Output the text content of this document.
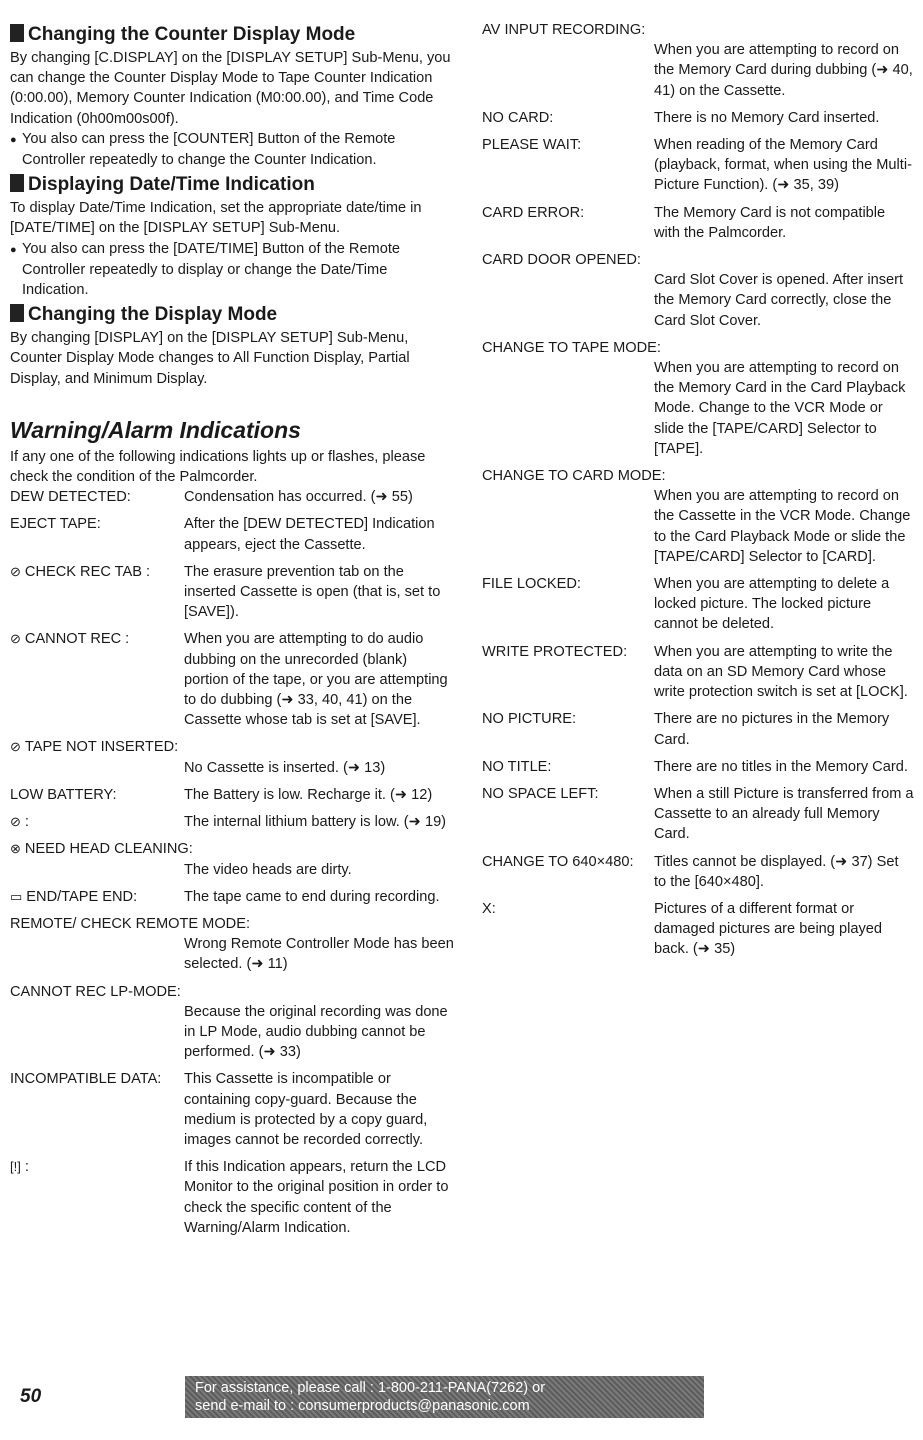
Changing the Counter Display Mode

By changing [C.DISPLAY] on the [DISPLAY SETUP] Sub-Menu, you can change the Counter Display Mode to Tape Counter Indication (0:00.00), Memory Counter Indication (M0:00.00), and Time Code Indication (0h00m00s00f).

● You also can press the [COUNTER] Button of the Remote Controller repeatedly to change the Counter Indication.

Displaying Date/Time Indication

To display Date/Time Indication, set the appropriate date/time in [DATE/TIME] on the [DISPLAY SETUP] Sub-Menu.

● You also can press the [DATE/TIME] Button of the Remote Controller repeatedly to display or change the Date/Time Indication.

Changing the Display Mode

By changing [DISPLAY] on the [DISPLAY SETUP] Sub-Menu, Counter Display Mode changes to All Function Display, Partial Display, and Minimum Display.

Warning/Alarm Indications

If any one of the following indications lights up or flashes, please check the condition of the Palmcorder.

DEW DETECTED:	Condensation has occurred. (➜ 55)
EJECT TAPE:	After the [DEW DETECTED] Indication appears, eject the Cassette.
⊘ CHECK REC TAB : The erasure prevention tab on the inserted Cassette is open (that is, set to [SAVE]).
⊘ CANNOT REC :	When you are attempting to do audio dubbing on the unrecorded (blank) portion of the tape, or you are attempting to do dubbing (➜ 33, 40, 41) on the Cassette whose tab is set at [SAVE].
⊘ TAPE NOT INSERTED:
No Cassette is inserted. (➜ 13)
LOW BATTERY:	The Battery is low. Recharge it. (➜ 12)
⊘ :	The internal lithium battery is low. (➜ 19)
⊗ NEED HEAD CLEANING:
The video heads are dirty.
▭ END/TAPE END:	The tape came to end during recording.
REMOTE/ CHECK REMOTE MODE:
Wrong Remote Controller Mode has been selected. (➜ 11)
CANNOT REC LP-MODE:
Because the original recording was done in LP Mode, audio dubbing cannot be performed. (➜ 33)
INCOMPATIBLE DATA: This Cassette is incompatible or containing copy-guard. Because the medium is protected by a copy guard, images cannot be recorded correctly.
[!] :	If this Indication appears, return the LCD Monitor to the original position in order to check the specific content of the Warning/Alarm Indication.
AV INPUT RECORDING:
When you are attempting to record on the Memory Card during dubbing (➜ 40, 41) on the Cassette.
NO CARD:	There is no Memory Card inserted.
PLEASE WAIT:	When reading of the Memory Card (playback, format, when using the Multi-Picture Function). (➜ 35, 39)
CARD ERROR:	The Memory Card is not compatible with the Palmcorder.
CARD DOOR OPENED:
Card Slot Cover is opened. After insert the Memory Card correctly, close the Card Slot Cover.
CHANGE TO TAPE MODE:
When you are attempting to record on the Memory Card in the Card Playback Mode. Change to the VCR Mode or slide the [TAPE/CARD] Selector to [TAPE].
CHANGE TO CARD MODE:
When you are attempting to record on the Cassette in the VCR Mode. Change to the Card Playback Mode or slide the [TAPE/CARD] Selector to [CARD].
FILE LOCKED:	When you are attempting to delete a locked picture. The locked picture cannot be deleted.
WRITE PROTECTED: When you are attempting to write the data on an SD Memory Card whose write protection switch is set at [LOCK].
NO PICTURE:	There are no pictures in the Memory Card.
NO TITLE:	There are no titles in the Memory Card.
NO SPACE LEFT:	When a still Picture is transferred from a Cassette to an already full Memory Card.
CHANGE TO 640×480: Titles cannot be displayed. (➜ 37) Set to the [640×480].
X:	Pictures of a different format or damaged pictures are being played back. (➜ 35)
50	For assistance, please call : 1-800-211-PANA(7262) or
send e-mail to : consumerproducts@panasonic.com
